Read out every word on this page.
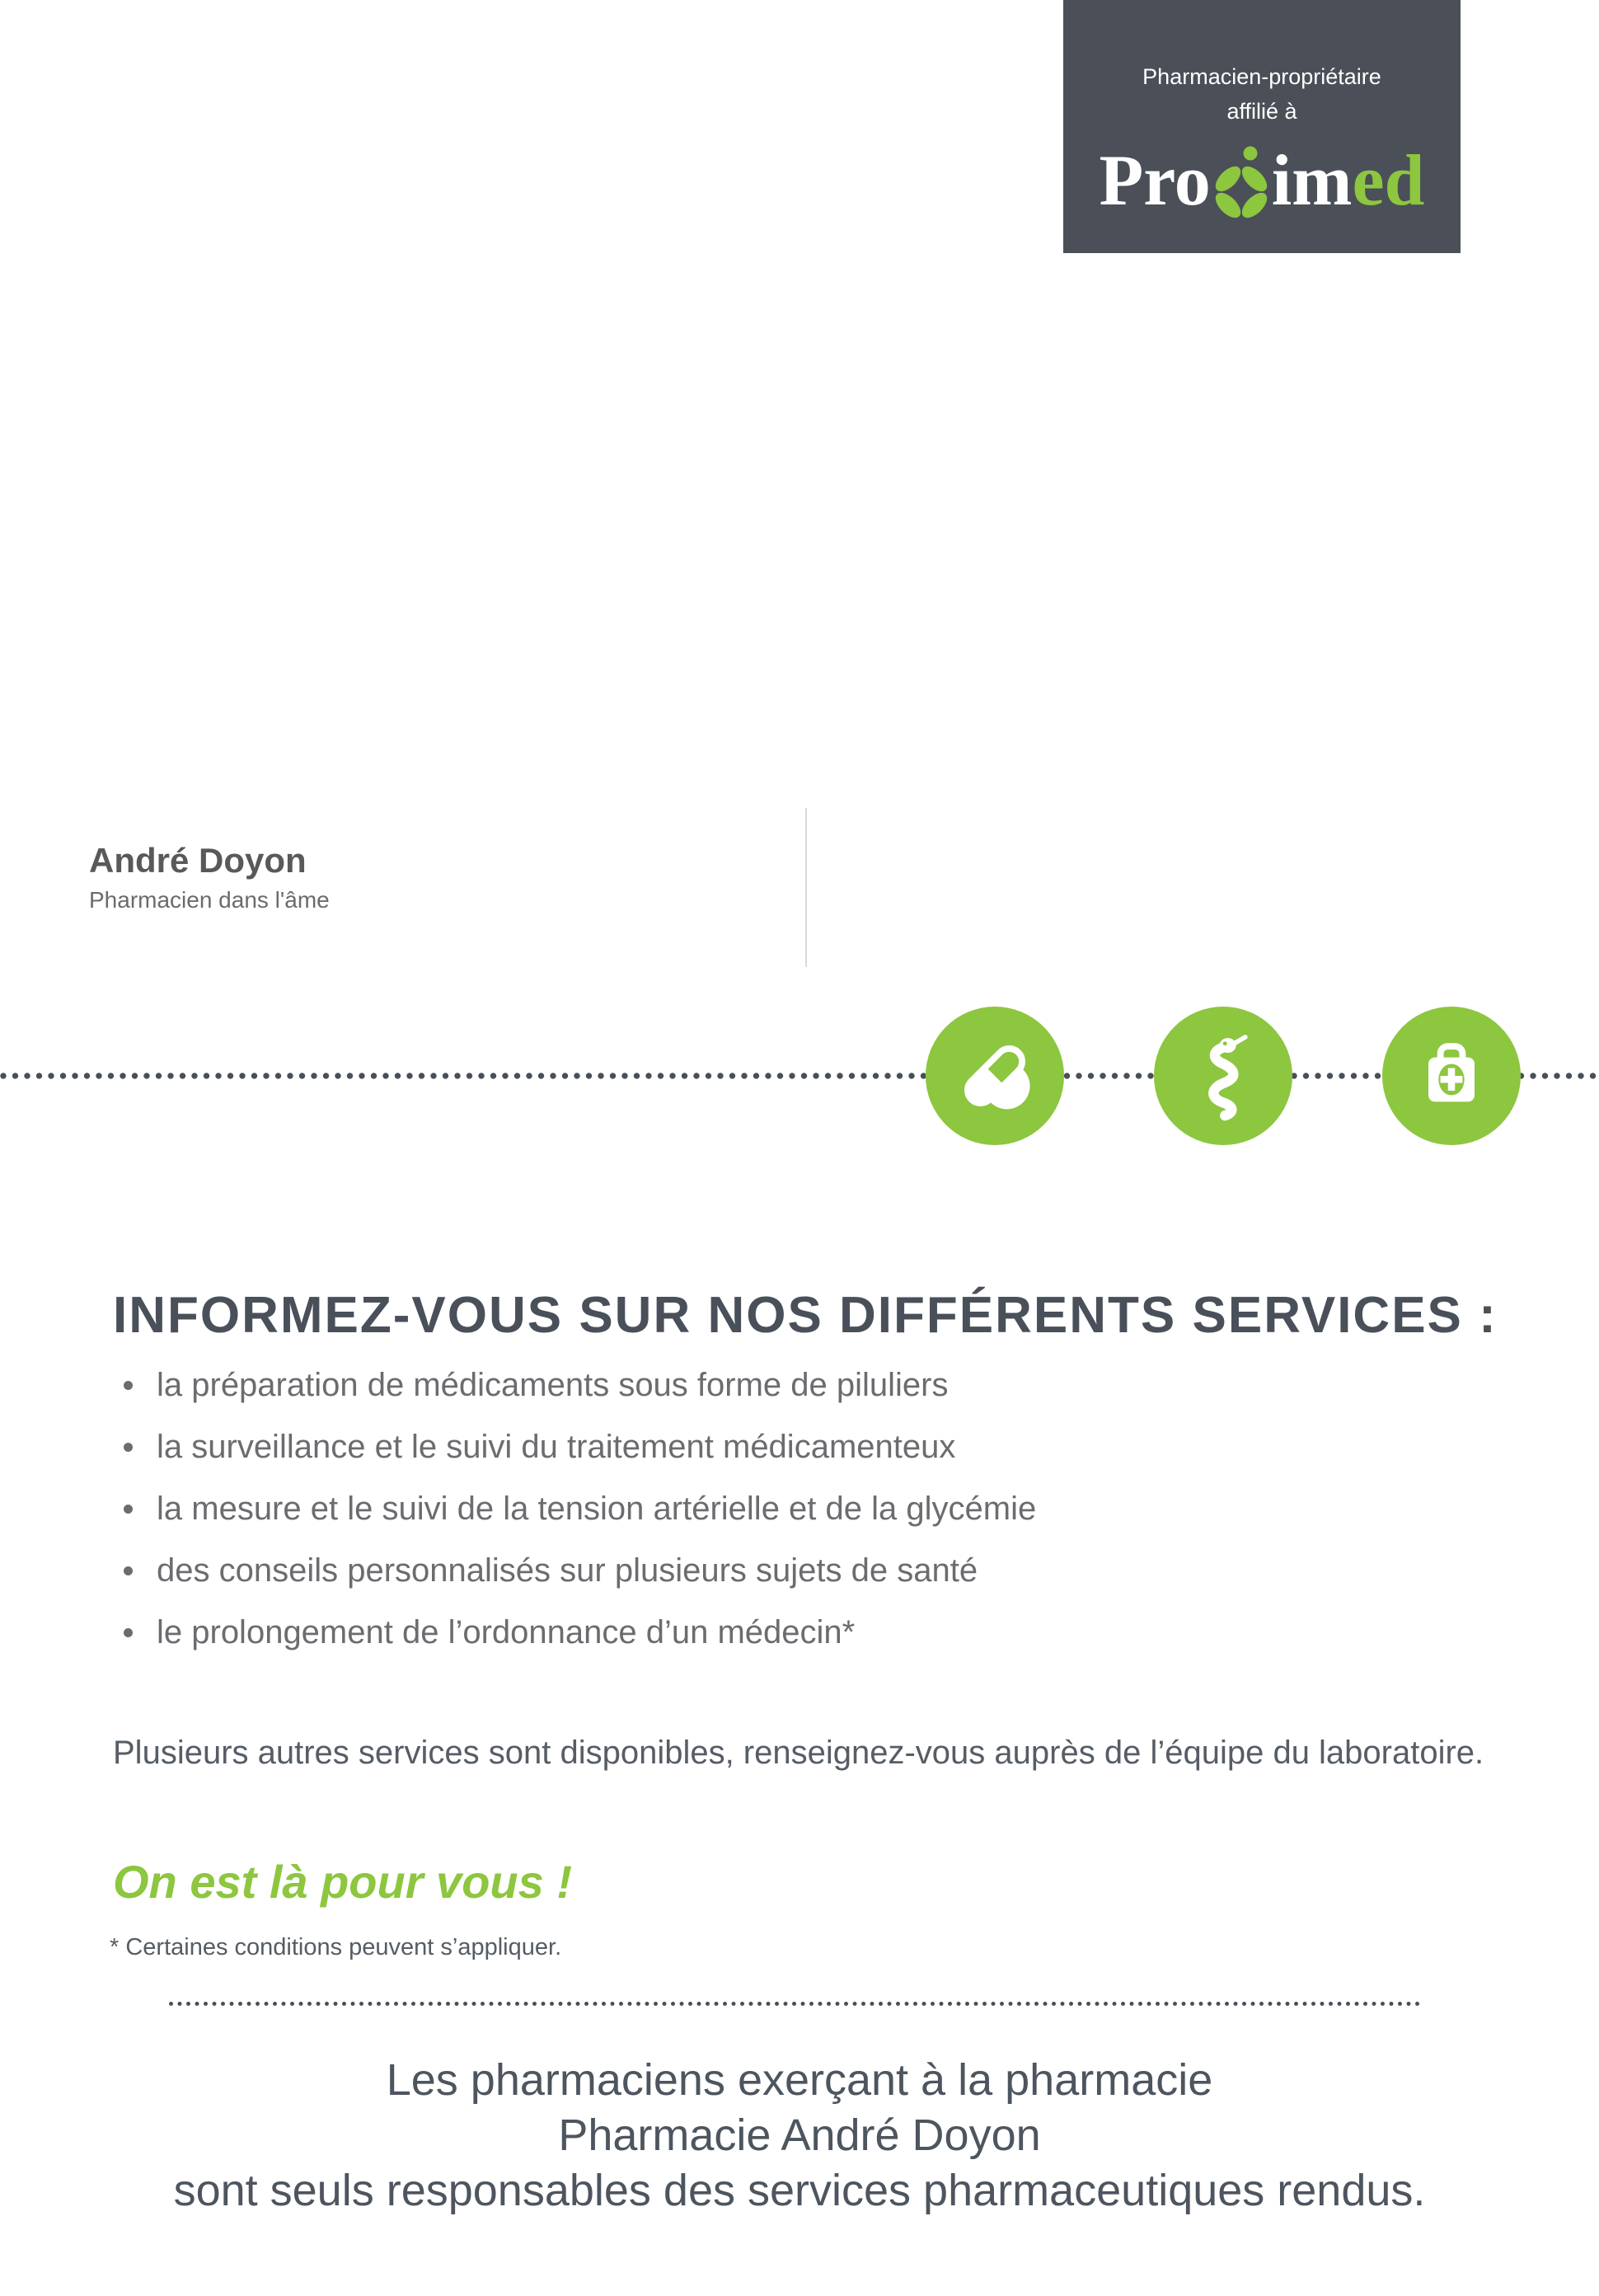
Pharmacien-propriétaire
affilié à
Pro im ed
André Doyon
Pharmacien dans l'âme
INFORMEZ-VOUS SUR NOS DIFFÉRENTS SERVICES :
la préparation de médicaments sous forme de piluliers
la surveillance et le suivi du traitement médicamenteux
la mesure et le suivi de la tension artérielle et de la glycémie
des conseils personnalisés sur plusieurs sujets de santé
le prolongement de l’ordonnance d’un médecin*
Plusieurs autres services sont disponibles, renseignez-vous auprès de l’équipe du laboratoire.
On est là pour vous !
* Certaines conditions peuvent s’appliquer.
Les pharmaciens exerçant à la pharmacie
Pharmacie André Doyon
sont seuls responsables des services pharmaceutiques rendus.
